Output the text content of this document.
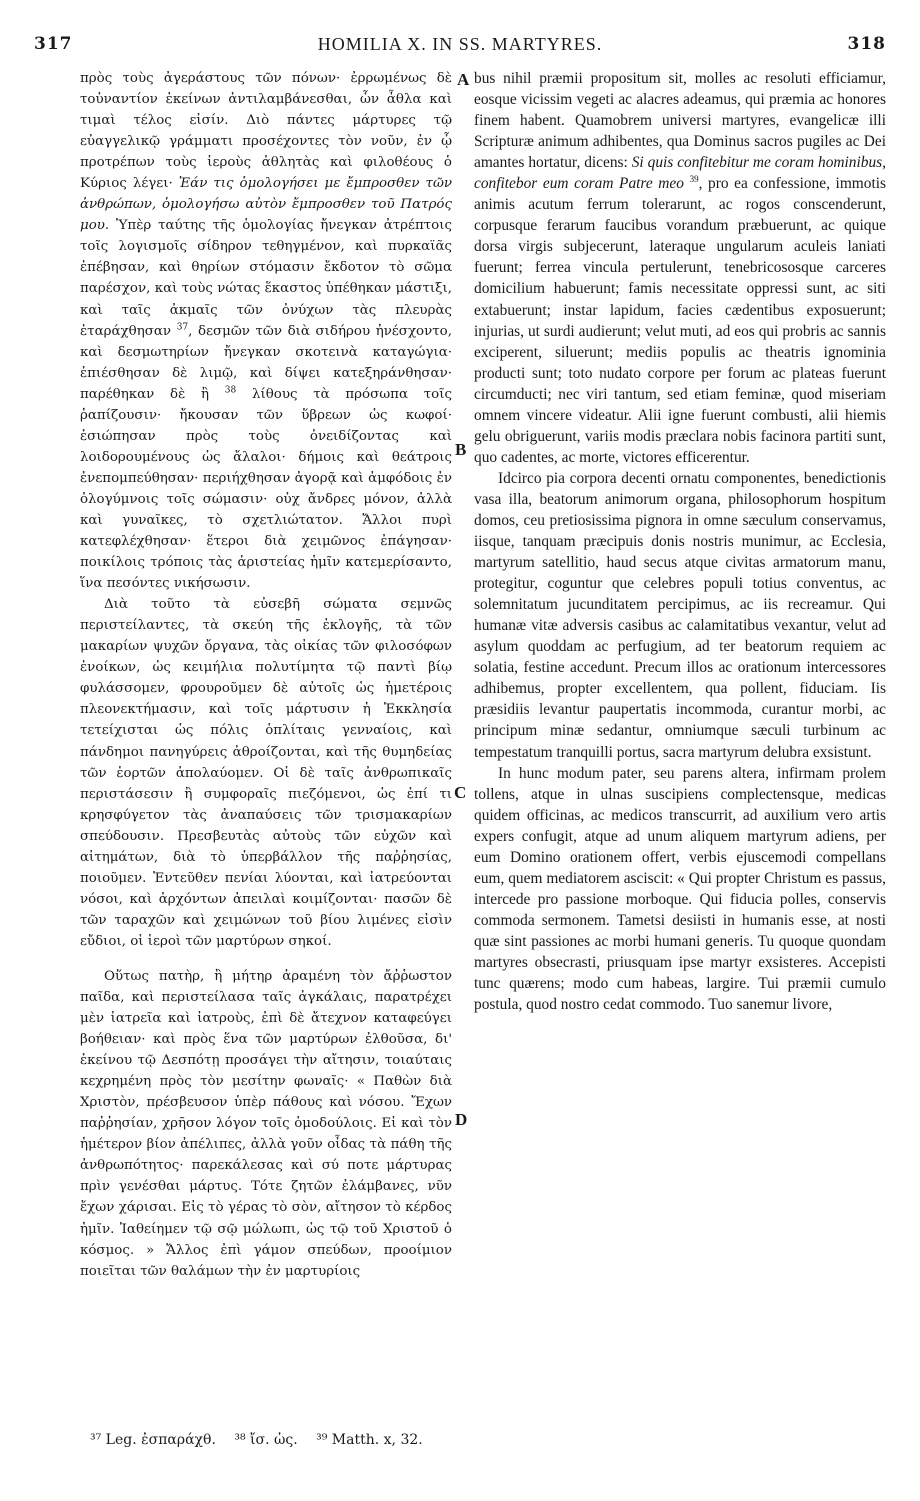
317	HOMILIA X. IN SS. MARTYRES.	318

πρὸς τοὺς ἀγεράστους τῶν πόνων· ἐρρωμένως δὲ τοὐναντίον ἐκείνων ἀντιλαμβάνεσθαι, ὧν ἆθλα καὶ τιμαὶ τέλος εἰσίν. Διὸ πάντες μάρτυρες τῷ εὐαγγελικῷ γράμματι προσέχοντες τὸν νοῦν, ἐν ᾧ προτρέπων τοὺς ἱεροὺς ἀθλητὰς καὶ φιλοθέους ὁ Κύριος λέγει· Ἐάν τις ὁμολογήσει με ἔμπροσθεν τῶν ἀνθρώπων, ὁμολογήσω αὐτὸν ἔμπροσθεν τοῦ Πατρός μου. Ὑπὲρ ταύτης τῆς ὁμολογίας ἤνεγκαν ἀτρέπτοις τοῖς λογισμοῖς σίδηρον τεθηγμένον, καὶ πυρκαϊᾶς ἐπέβησαν, καὶ θηρίων στόμασιν ἔκδοτον τὸ σῶμα παρέσχον, καὶ τοὺς νώτας ἕκαστος ὑπέθηκαν μάστιξι, καὶ ταῖς ἀκμαῖς τῶν ὀνύχων τὰς πλευρὰς ἐταράχθησαν $^{37}$, δεσμῶν τῶν διὰ σιδήρου ἠνέσχοντο, καὶ δεσμωτηρίων ἤνεγκαν σκοτεινὰ καταγώγια· ἐπιέσθησαν δὲ λιμῷ, καὶ δίψει κατεξηράνθησαν· παρέθηκαν δὲ ἢ $^{38}$ λίθους τὰ πρόσωπα τοῖς ῥαπίζουσιν· ἤκουσαν τῶν ὕβρεων ὡς κωφοί· ἐσιώπησαν πρὸς τοὺς ὀνειδίζοντας καὶ λοιδορουμένους ὡς ἄλαλοι· δήμοις καὶ θεάτροις ἐνεπομπεύθησαν· περιήχθησαν ἀγορᾷ καὶ ἀμφόδοις ἐν ὀλογύμνοις τοῖς σώμασιν· οὐχ ἄνδρες μόνον, ἀλλὰ καὶ γυναῖκες, τὸ σχετλιώτατον. Ἄλλοι πυρὶ κατεφλέχθησαν· ἕτεροι διὰ χειμῶνος ἐπάγησαν· ποικίλοις τρόποις τὰς ἀριστείας ἡμῖν κατεμερίσαντο, ἵνα πεσόντες νικήσωσιν.

Διὰ τοῦτο τὰ εὐσεβῆ σώματα σεμνῶς περιστείλαντες, τὰ σκεύη τῆς ἐκλογῆς, τὰ τῶν μακαρίων ψυχῶν ὄργανα, τὰς οἰκίας τῶν φιλοσόφων ἐνοίκων, ὡς κειμήλια πολυτίμητα τῷ παντὶ βίῳ φυλάσσομεν, φρουροῦμεν δὲ αὐτοῖς ὡς ἡμετέροις πλεονεκτήμασιν, καὶ τοῖς μάρτυσιν ἡ Ἐκκλησία τετείχισται ὡς πόλις ὁπλίταις γενναίοις, καὶ πάνδημοι πανηγύρεις ἀθροίζονται, καὶ τῆς θυμηδείας τῶν ἑορτῶν ἀπολαύομεν. Οἱ δὲ ταῖς ἀνθρωπικαῖς περιστάσεσιν ἢ συμφοραῖς πιεζόμενοι, ὡς ἐπί τι κρησφύγετον τὰς ἀναπαύσεις τῶν τρισμακαρίων σπεύδουσιν. Πρεσβευτὰς αὐτοὺς τῶν εὐχῶν καὶ αἰτημάτων, διὰ τὸ ὑπερβάλλον τῆς παῤῥησίας, ποιοῦμεν. Ἐντεῦθεν πενίαι λύονται, καὶ ἰατρεύονται νόσοι, καὶ ἀρχόντων ἀπειλαὶ κοιμίζονται· πασῶν δὲ τῶν ταραχῶν καὶ χειμώνων τοῦ βίου λιμένες εἰσὶν εὔδιοι, οἱ ἱεροὶ τῶν μαρτύρων σηκοί.

Οὕτως πατὴρ, ἢ μήτηρ ἀραμένη τὸν ἄῤῥωστον παῖδα, καὶ περιστείλασα ταῖς ἀγκάλαις, παρατρέχει μὲν ἰατρεῖα καὶ ἰατροὺς, ἐπὶ δὲ ἄτεχνον καταφεύγει βοήθειαν· καὶ πρὸς ἕνα τῶν μαρτύρων ἐλθοῦσα, δι' ἐκείνου τῷ Δεσπότῃ προσάγει τὴν αἴτησιν, τοιαύταις κεχρημένη πρὸς τὸν μεσίτην φωναῖς· « Παθὼν διὰ Χριστὸν, πρέσβευσον ὑπὲρ πάθους καὶ νόσου. Ἔχων παῤῥησίαν, χρῆσον λόγον τοῖς ὁμοδούλοις. Εἰ καὶ τὸν ἡμέτερον βίον ἀπέλιπες, ἀλλὰ γοῦν οἶδας τὰ πάθη τῆς ἀνθρωπότητος· παρεκάλεσας καὶ σύ ποτε μάρτυρας πρὶν γενέσθαι μάρτυς. Τότε ζητῶν ἐλάμβανες, νῦν ἔχων χάρισαι. Εἰς τὸ γέρας τὸ σὸν, αἴτησον τὸ κέρδος ἡμῖν. Ἰαθείημεν τῷ σῷ μώλωπι, ὡς τῷ τοῦ Χριστοῦ ὁ κόσμος. » Ἄλλος ἐπὶ γάμον σπεύδων, προοίμιον ποιεῖται τῶν θαλάμων τὴν ἐν μαρτυρίοις

A
B
C
D

bus nihil præmii propositum sit, molles ac resoluti efficiamur, eosque vicissim vegeti ac alacres adeamus, qui præmia ac honores finem habent. Quamobrem universi martyres, evangelicæ illi Scripturæ animum adhibentes, qua Dominus sacros pugiles ac Dei amantes hortatur, dicens: Si quis confitebitur me coram hominibus, confitebor eum coram Patre meo $^{39}$, pro ea confessione, immotis animis acutum ferrum tolerarunt, ac rogos conscenderunt, corpusque ferarum faucibus vorandum præbuerunt, ac quique dorsa virgis subjecerunt, lateraque ungularum aculeis laniati fuerunt; ferrea vincula pertulerunt, tenebricososque carceres domicilium habuerunt; famis necessitate oppressi sunt, ac siti extabuerunt; instar lapidum, facies cædentibus exposuerunt; injurias, ut surdi audierunt; velut muti, ad eos qui probris ac sannis exciperent, siluerunt; mediis populis ac theatris ignominia producti sunt; toto nudato corpore per forum ac plateas fuerunt circumducti; nec viri tantum, sed etiam feminæ, quod miseriam omnem vincere videatur. Alii igne fuerunt combusti, alii hiemis gelu obriguerunt, variis modis præclara nobis facinora partiti sunt, quo cadentes, ac morte, victores efficerentur.

Idcirco pia corpora decenti ornatu componentes, benedictionis vasa illa, beatorum animorum organa, philosophorum hospitum domos, ceu pretiosissima pignora in omne sæculum conservamus, iisque, tanquam præcipuis donis nostris munimur, ac Ecclesia, martyrum satellitio, haud secus atque civitas armatorum manu, protegitur, coguntur que celebres populi totius conventus, ac solemnitatum jucunditatem percipimus, ac iis recreamur. Qui humanæ vitæ adversis casibus ac calamitatibus vexantur, velut ad asylum quoddam ac perfugium, ad ter beatorum requiem ac solatia, festine accedunt. Precum illos ac orationum intercessores adhibemus, propter excellentem, qua pollent, fiduciam. Iis præsidiis levantur paupertatis incommoda, curantur morbi, ac principum minæ sedantur, omniumque sæculi turbinum ac tempestatum tranquilli portus, sacra martyrum delubra exsistunt.

In hunc modum pater, seu parens altera, infirmam prolem tollens, atque in ulnas suscipiens complectensque, medicas quidem officinas, ac medicos transcurrit, ad auxilium vero artis expers confugit, atque ad unum aliquem martyrum adiens, per eum Domino orationem offert, verbis ejuscemodi compellans eum, quem mediatorem asciscit: « Qui propter Christum es passus, intercede pro passione morboque. Qui fiducia polles, conservis commoda sermonem. Tametsi desiisti in humanis esse, at nosti quæ sint passiones ac morbi humani generis. Tu quoque quondam martyres obsecrasti, priusquam ipse martyr exsisteres. Accepisti tunc quærens; modo cum habeas, largire. Tui præmii cumulo postula, quod nostro cedat commodo. Tuo sanemur livore,

³⁷ Leg. ἐσπαράχθ. ³⁸ ἴσ. ὡς. ³⁹ Matth. x, 32.
